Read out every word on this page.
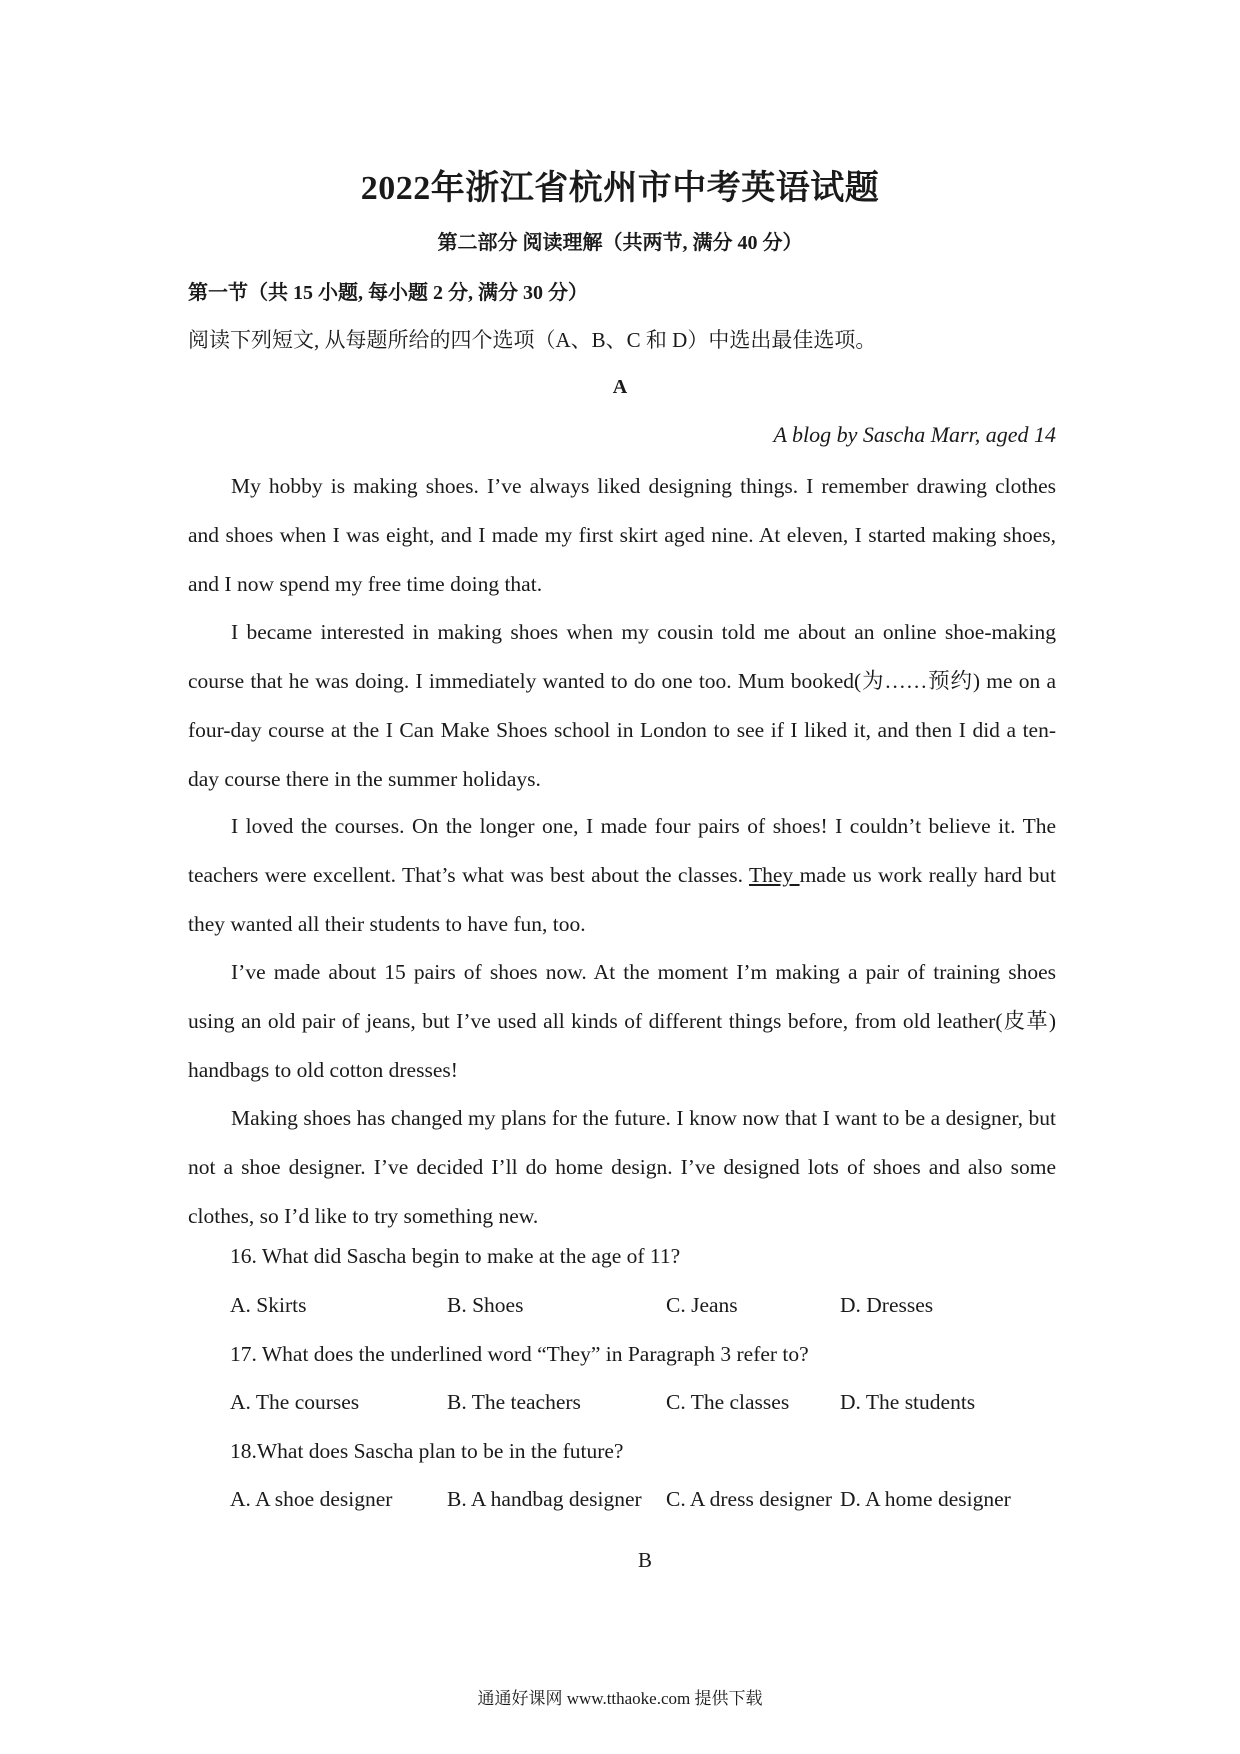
2022年浙江省杭州市中考英语试题
第二部分 阅读理解（共两节, 满分 40 分）
第一节（共 15 小题, 每小题 2 分, 满分 30 分）
阅读下列短文, 从每题所给的四个选项（A、B、C 和 D）中选出最佳选项。
A
A blog by Sascha Marr, aged 14

My hobby is making shoes. I’ve always liked designing things. I remember drawing clothes and shoes when I was eight, and I made my first skirt aged nine. At eleven, I started making shoes, and I now spend my free time doing that.

I became interested in making shoes when my cousin told me about an online shoe-making course that he was doing. I immediately wanted to do one too. Mum booked(为……预约) me on a four-day course at the I Can Make Shoes school in London to see if I liked it, and then I did a ten-day course there in the summer holidays.

I loved the courses. On the longer one, I made four pairs of shoes! I couldn’t believe it. The teachers were excellent. That’s what was best about the classes. They made us work really hard but they wanted all their students to have fun, too.

I’ve made about 15 pairs of shoes now. At the moment I’m making a pair of training shoes using an old pair of jeans, but I’ve used all kinds of different things before, from old leather(皮革) handbags to old cotton dresses!

Making shoes has changed my plans for the future. I know now that I want to be a designer, but not a shoe designer. I’ve decided I’ll do home design. I’ve designed lots of shoes and also some clothes, so I’d like to try something new.

16. What did Sascha begin to make at the age of 11?
A. Skirts	B. Shoes	C. Jeans	D. Dresses
17. What does the underlined word “They” in Paragraph 3 refer to?
A. The courses	B. The teachers	C. The classes D. The students
18.What does Sascha plan to be in the future?
A. A shoe designer	B. A handbag designer C. A dress designer D. A home designer
B
通通好课网 www.tthaoke.com 提供下载
